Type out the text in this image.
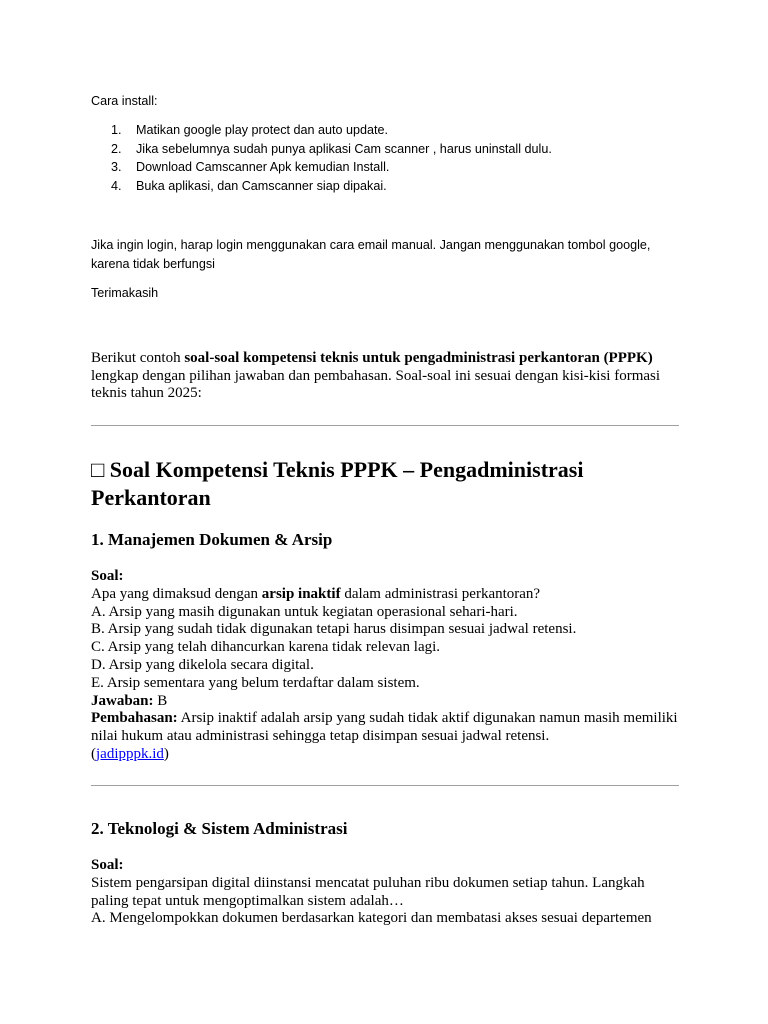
Cara install:

1. Matikan google play protect dan auto update.
2. Jika sebelumnya sudah punya aplikasi Cam scanner , harus uninstall dulu.
3. Download Camscanner Apk kemudian Install.
4. Buka aplikasi, dan Camscanner siap dipakai.

Jika ingin login, harap login menggunakan cara email manual. Jangan menggunakan tombol google, karena tidak berfungsi

Terimakasih

Berikut contoh soal-soal kompetensi teknis untuk pengadministrasi perkantoran (PPPK) lengkap dengan pilihan jawaban dan pembahasan. Soal-soal ini sesuai dengan kisi-kisi formasi teknis tahun 2025:

□ Soal Kompetensi Teknis PPPK – Pengadministrasi Perkantoran
1. Manajemen Dokumen & Arsip
Soal:
Apa yang dimaksud dengan arsip inaktif dalam administrasi perkantoran?
A. Arsip yang masih digunakan untuk kegiatan operasional sehari-hari.
B. Arsip yang sudah tidak digunakan tetapi harus disimpan sesuai jadwal retensi.
C. Arsip yang telah dihancurkan karena tidak relevan lagi.
D. Arsip yang dikelola secara digital.
E. Arsip sementara yang belum terdaftar dalam sistem.
Jawaban: B
Pembahasan: Arsip inaktif adalah arsip yang sudah tidak aktif digunakan namun masih memiliki nilai hukum atau administrasi sehingga tetap disimpan sesuai jadwal retensi.
(jadipppk.id)
2. Teknologi & Sistem Administrasi
Soal:
Sistem pengarsipan digital diinstansi mencatat puluhan ribu dokumen setiap tahun. Langkah paling tepat untuk mengoptimalkan sistem adalah…
A. Mengelompokkan dokumen berdasarkan kategori dan membatasi akses sesuai departemen
